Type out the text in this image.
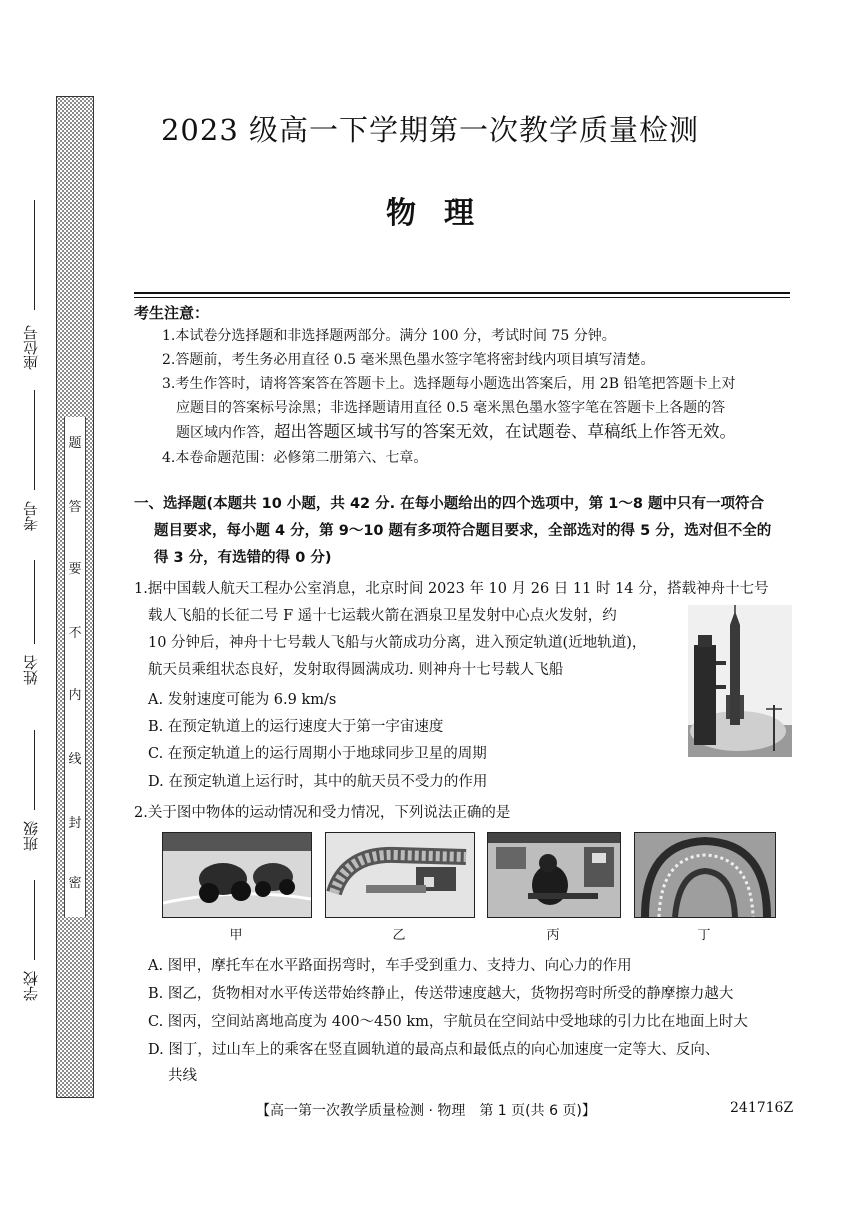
密
封
线
内
不
要
答
题
座位号
考号
姓名
班级
学校
2023 级高一下学期第一次教学质量检测
物理
考生注意：
1.本试卷分选择题和非选择题两部分。满分 100 分，考试时间 75 分钟。
2.答题前，考生务必用直径 0.5 毫米黑色墨水签字笔将密封线内项目填写清楚。
3.考生作答时，请将答案答在答题卡上。选择题每小题选出答案后，用 2B 铅笔把答题卡上对
应题目的答案标号涂黑；非选择题请用直径 0.5 毫米黑色墨水签字笔在答题卡上各题的答
题区域内作答，超出答题区域书写的答案无效，在试题卷、草稿纸上作答无效。
4.本卷命题范围：必修第二册第六、七章。
一、选择题(本题共 10 小题，共 42 分. 在每小题给出的四个选项中，第 1～8 题中只有一项符合
题目要求，每小题 4 分，第 9～10 题有多项符合题目要求，全部选对的得 5 分，选对但不全的
得 3 分，有选错的得 0 分)
1.据中国载人航天工程办公室消息，北京时间 2023 年 10 月 26 日 11 时 14 分，搭载神舟十七号
载人飞船的长征二号 F 遥十七运载火箭在酒泉卫星发射中心点火发射，约
10 分钟后，神舟十七号载人飞船与火箭成功分离，进入预定轨道(近地轨道)，
航天员乘组状态良好，发射取得圆满成功. 则神舟十七号载人飞船
A. 发射速度可能为 6.9 km/s
B. 在预定轨道上的运行速度大于第一宇宙速度
C. 在预定轨道上的运行周期小于地球同步卫星的周期
D. 在预定轨道上运行时，其中的航天员不受力的作用
2.关于图中物体的运动情况和受力情况，下列说法正确的是
甲	乙	丙	丁
A. 图甲，摩托车在水平路面拐弯时，车手受到重力、支持力、向心力的作用
B. 图乙，货物相对水平传送带始终静止，传送带速度越大，货物拐弯时所受的静摩擦力越大
C. 图丙，空间站离地高度为 400～450 km，宇航员在空间站中受地球的引力比在地面上时大
D. 图丁，过山车上的乘客在竖直圆轨道的最高点和最低点的向心加速度一定等大、反向、
共线
【高一第一次教学质量检测 · 物理　第 1 页(共 6 页)】	241716Z
